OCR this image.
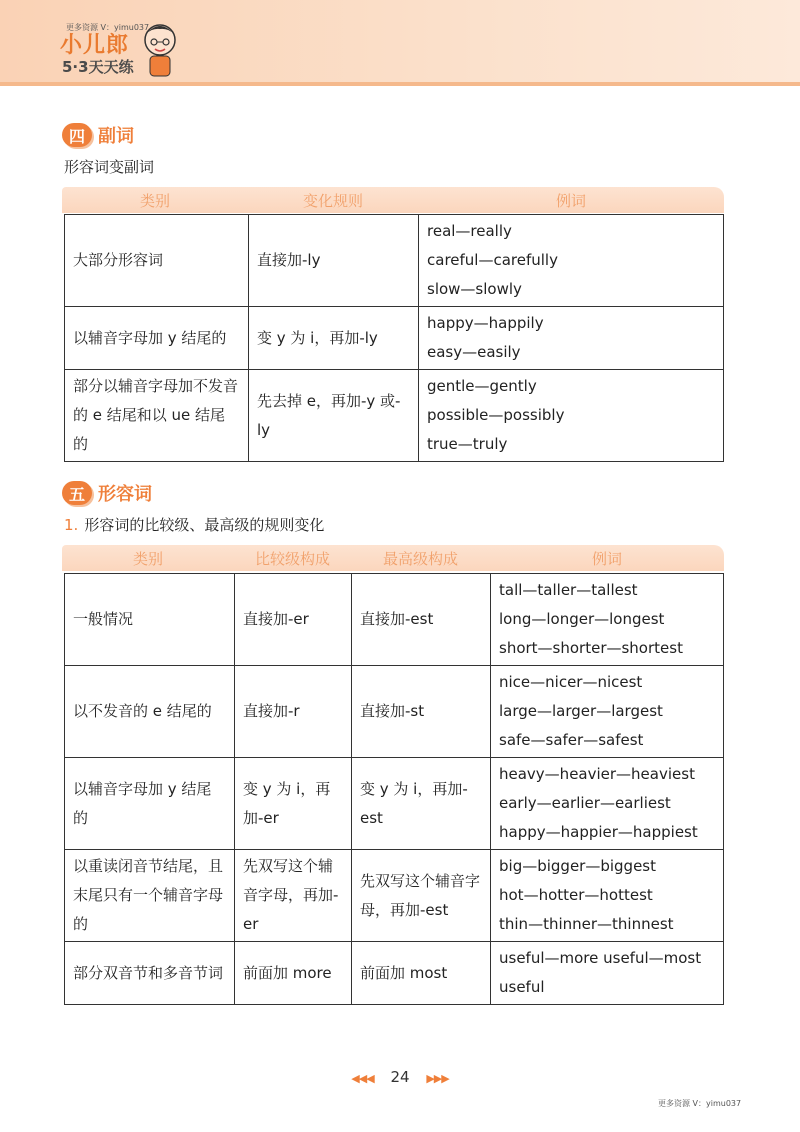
更多资源 V：yimu037
小儿郎
5·3天天练
四 副词
形容词变副词
类别	变化规则	例词
大部分形容词	直接加-ly	real—really
careful—carefully
slow—slowly

以辅音字母加 y 结尾的	变 y 为 i，再加-ly	happy—happily
easy—easily

部分以辅音字母加不发音的 e 结尾和以 ue 结尾的	先去掉 e，再加-y 或-ly	gentle—gently
possible—possibly
true—truly
五 形容词
1. 形容词的比较级、最高级的规则变化
类别	比较级构成	最高级构成	例词
一般情况	直接加-er	直接加-est	tall—taller—tallest
long—longer—longest
short—shorter—shortest

以不发音的 e 结尾的	直接加-r	直接加-st	nice—nicer—nicest
large—larger—largest
safe—safer—safest

以辅音字母加 y 结尾的	变 y 为 i，再加-er	变 y 为 i，再加-est	heavy—heavier—heaviest
early—earlier—earliest
happy—happier—happiest

以重读闭音节结尾，且末尾只有一个辅音字母的	先双写这个辅音字母，再加-er	先双写这个辅音字母，再加-est	big—bigger—biggest
hot—hotter—hottest
thin—thinner—thinnest

部分双音节和多音节词	前面加 more	前面加 most	useful—more useful—most
useful
◀◀◀ 24 ▶▶▶
更多资源 V：yimu037
